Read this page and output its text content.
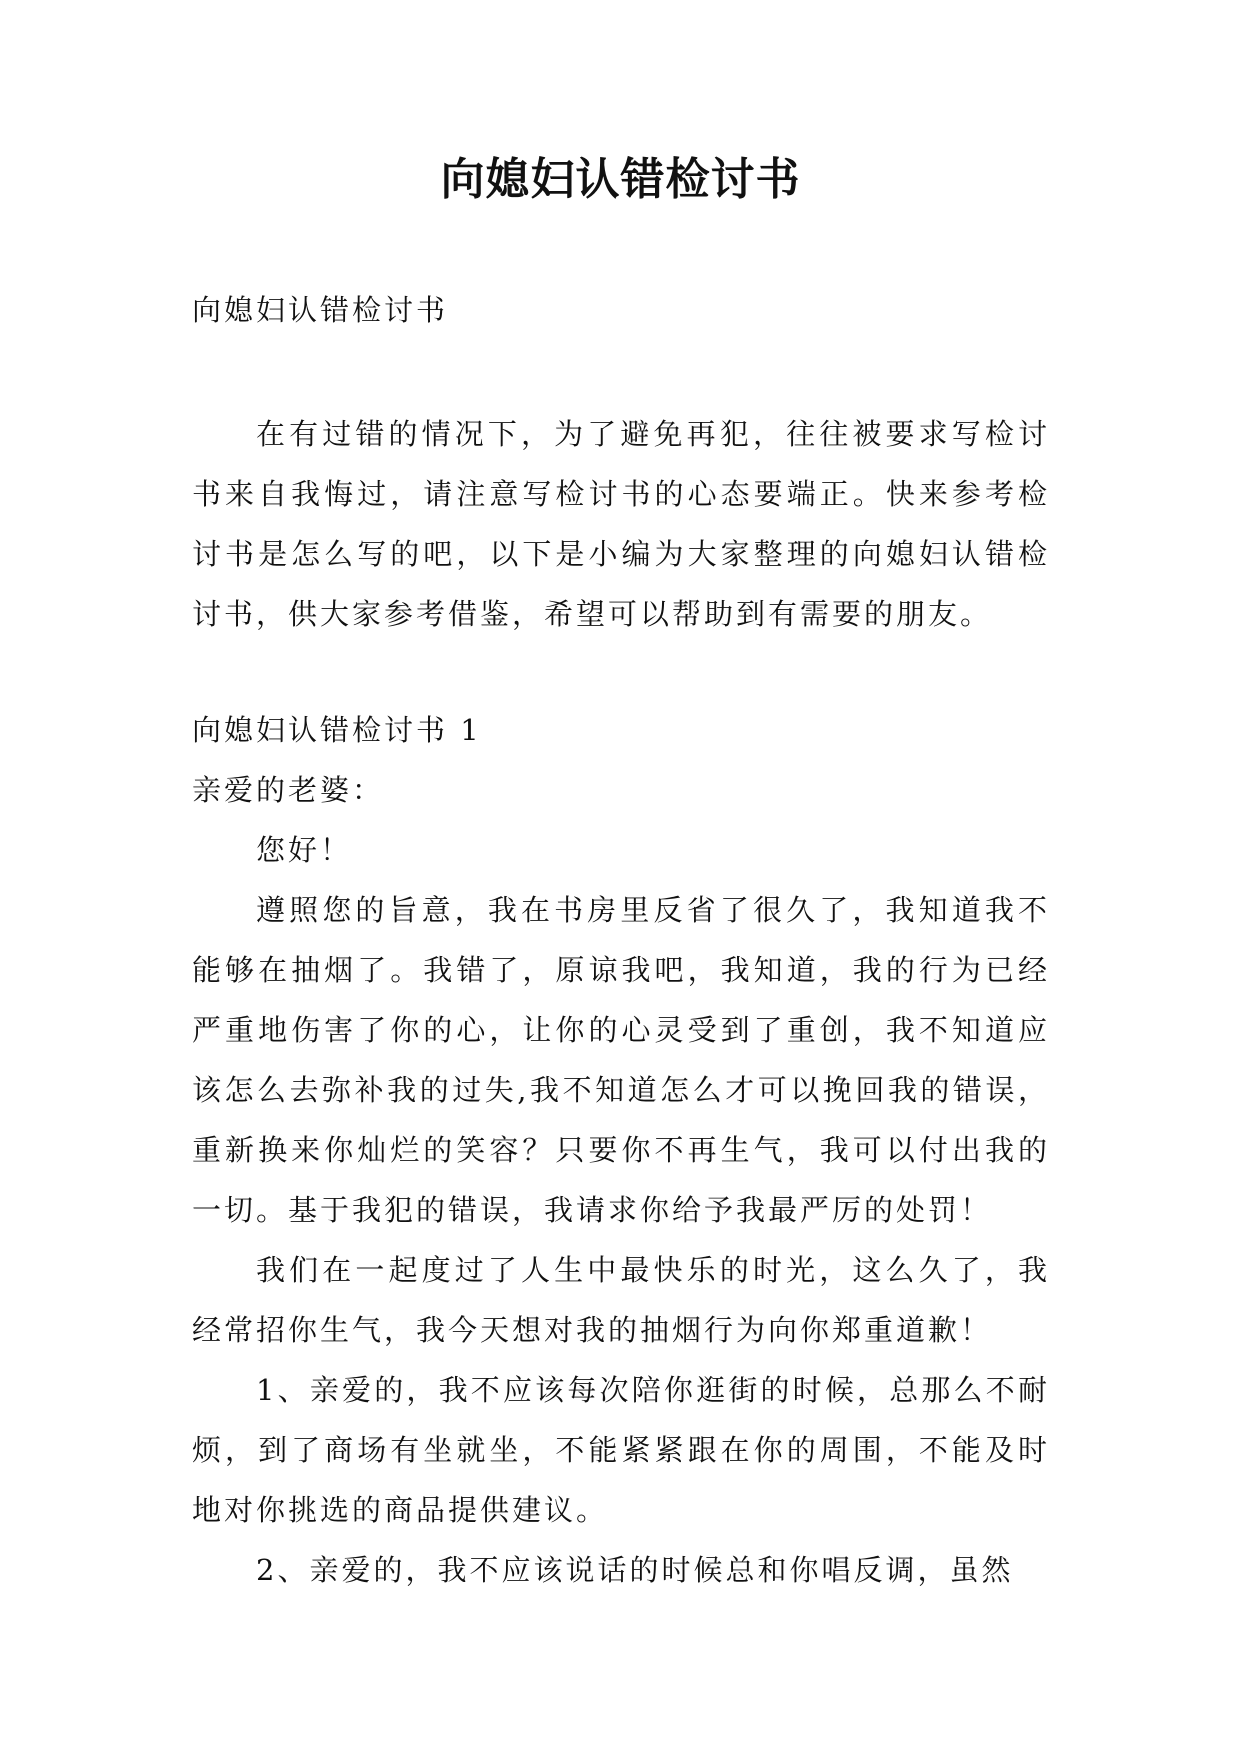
向媳妇认错检讨书
向媳妇认错检讨书

在有过错的情况下，为了避免再犯，往往被要求写检讨书来自我悔过，请注意写检讨书的心态要端正。快来参考检讨书是怎么写的吧，以下是小编为大家整理的向媳妇认错检讨书，供大家参考借鉴，希望可以帮助到有需要的朋友。

向媳妇认错检讨书 1

亲爱的老婆：

您好！

遵照您的旨意，我在书房里反省了很久了，我知道我不能够在抽烟了。我错了，原谅我吧，我知道，我的行为已经严重地伤害了你的心，让你的心灵受到了重创，我不知道应该怎么去弥补我的过失,我不知道怎么才可以挽回我的错误，重新换来你灿烂的笑容？只要你不再生气，我可以付出我的一切。基于我犯的错误，我请求你给予我最严厉的处罚！

我们在一起度过了人生中最快乐的时光，这么久了，我经常招你生气，我今天想对我的抽烟行为向你郑重道歉！

1、亲爱的，我不应该每次陪你逛街的时候，总那么不耐烦，到了商场有坐就坐，不能紧紧跟在你的周围，不能及时地对你挑选的商品提供建议。

2、亲爱的，我不应该说话的时候总和你唱反调，虽然
